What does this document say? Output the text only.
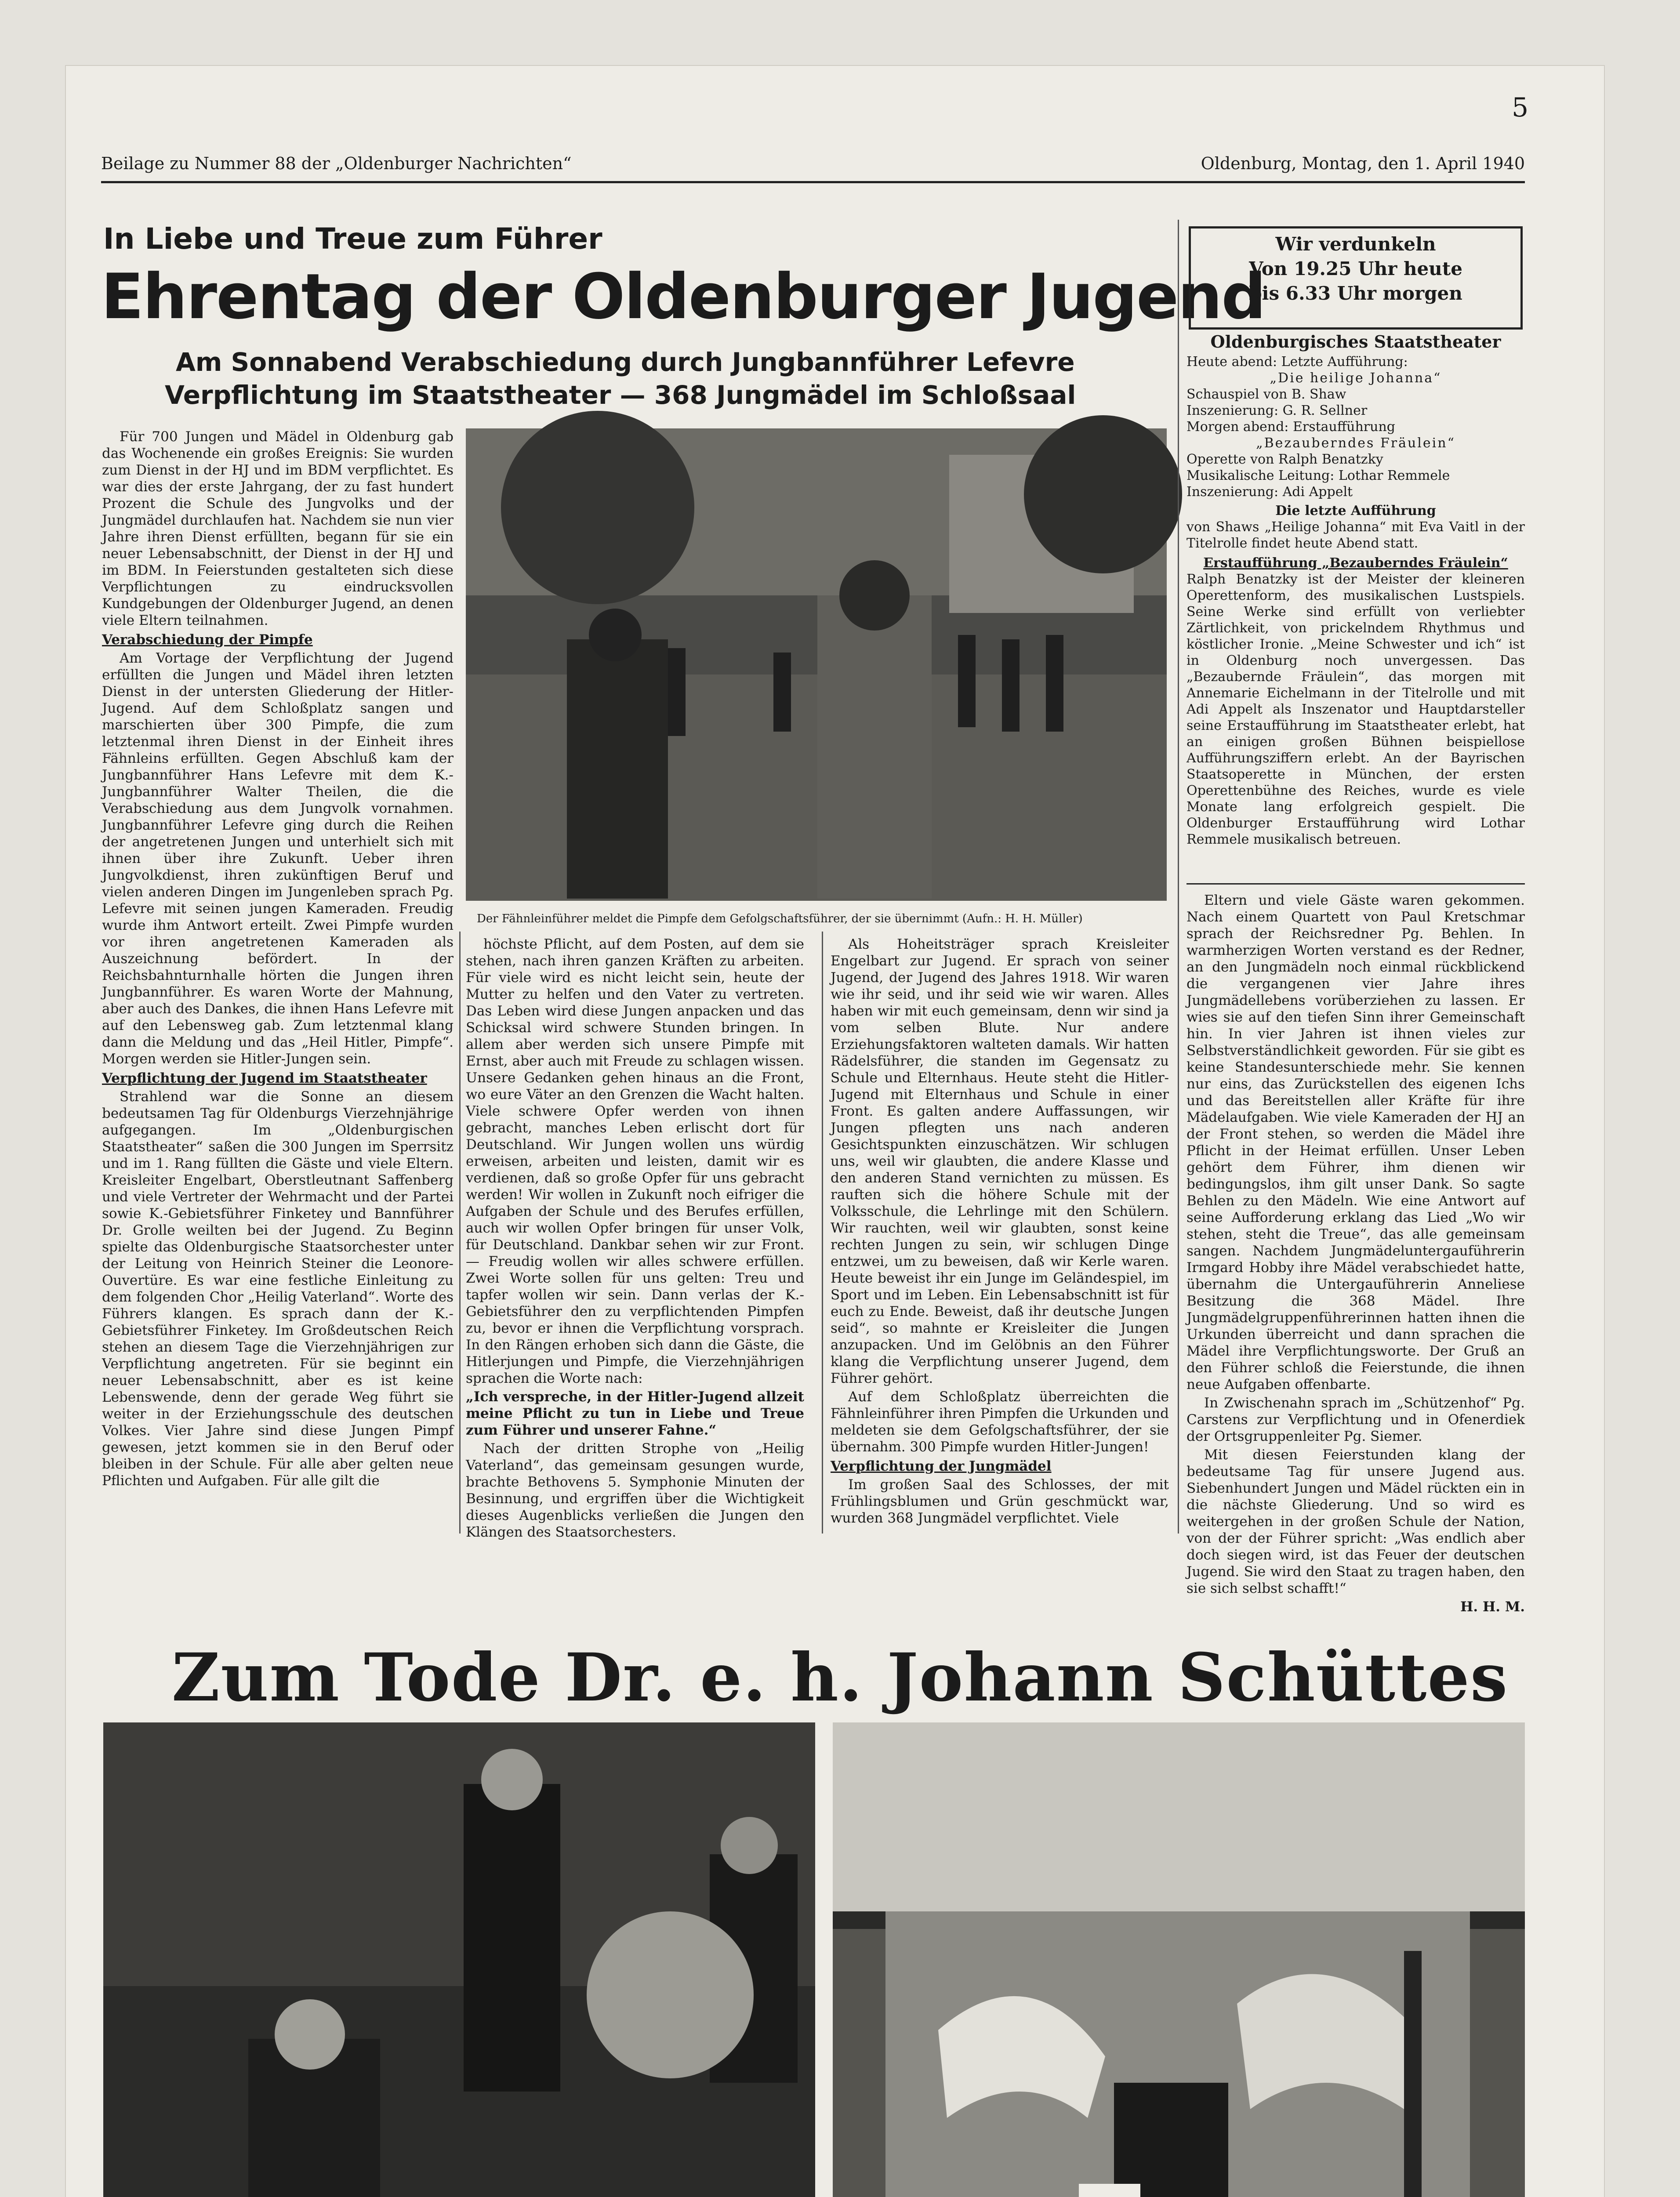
5
Beilage zu Nummer 88 der „Oldenburger Nachrichten“	Oldenburg, Montag, den 1. April 1940
In Liebe und Treue zum Führer
Ehrentag der Oldenburger Jugend
Am Sonnabend Verabschiedung durch Jungbannführer Lefevre
Verpflichtung im Staatstheater — 368 Jungmädel im Schloßsaal

Für 700 Jungen und Mädel in Oldenburg gab das Wochenende ein großes Ereignis: Sie wurden zum Dienst in der HJ und im BDM verpflichtet. Es war dies der erste Jahrgang, der zu fast hundert Prozent die Schule des Jungvolks und der Jungmädel durchlaufen hat. Nachdem sie nun vier Jahre ihren Dienst erfüllten, begann für sie ein neuer Lebensabschnitt, der Dienst in der HJ und im BDM. In Feierstunden gestalteten sich diese Verpflichtungen zu eindrucksvollen Kundgebungen der Oldenburger Jugend, an denen viele Eltern teilnahmen.

Verabschiedung der Pimpfe

Am Vortage der Verpflichtung der Jugend erfüllten die Jungen und Mädel ihren letzten Dienst in der untersten Gliederung der Hitler-Jugend. Auf dem Schloßplatz sangen und marschierten über 300 Pimpfe, die zum letztenmal ihren Dienst in der Einheit ihres Fähnleins erfüllten. Gegen Abschluß kam der Jungbannführer Hans Lefevre mit dem K.-Jungbannführer Walter Theilen, die die Verabschiedung aus dem Jungvolk vornahmen. Jungbannführer Lefevre ging durch die Reihen der angetretenen Jungen und unterhielt sich mit ihnen über ihre Zukunft. Ueber ihren Jungvolkdienst, ihren zukünftigen Beruf und vielen anderen Dingen im Jungenleben sprach Pg. Lefevre mit seinen jungen Kameraden. Freudig wurde ihm Antwort erteilt. Zwei Pimpfe wurden vor ihren angetretenen Kameraden als Auszeichnung befördert. In der Reichsbahnturnhalle hörten die Jungen ihren Jungbannführer. Es waren Worte der Mahnung, aber auch des Dankes, die ihnen Hans Lefevre mit auf den Lebensweg gab. Zum letztenmal klang dann die Meldung und das „Heil Hitler, Pimpfe“. Morgen werden sie Hitler-Jungen sein.

Verpflichtung der Jugend im Staatstheater

Strahlend war die Sonne an diesem bedeutsamen Tag für Oldenburgs Vierzehnjährige aufgegangen. Im „Oldenburgischen Staatstheater“ saßen die 300 Jungen im Sperrsitz und im 1. Rang füllten die Gäste und viele Eltern. Kreisleiter Engelbart, Oberstleutnant Saffenberg und viele Vertreter der Wehrmacht und der Partei sowie K.-Gebietsführer Finketey und Bannführer Dr. Grolle weilten bei der Jugend. Zu Beginn spielte das Oldenburgische Staatsorchester unter der Leitung von Heinrich Steiner die Leonore-Ouvertüre. Es war eine festliche Einleitung zu dem folgenden Chor „Heilig Vaterland“. Worte des Führers klangen. Es sprach dann der K.-Gebietsführer Finketey. Im Großdeutschen Reich stehen an diesem Tage die Vierzehnjährigen zur Verpflichtung angetreten. Für sie beginnt ein neuer Lebensabschnitt, aber es ist keine Lebenswende, denn der gerade Weg führt sie weiter in der Erziehungsschule des deutschen Volkes. Vier Jahre sind diese Jungen Pimpf gewesen, jetzt kommen sie in den Beruf oder bleiben in der Schule. Für alle aber gelten neue Pflichten und Aufgaben. Für alle gilt die

Der Fähnleinführer meldet die Pimpfe dem Gefolgschaftsführer, der sie übernimmt (Aufn.: H. H. Müller)

höchste Pflicht, auf dem Posten, auf dem sie stehen, nach ihren ganzen Kräften zu arbeiten. Für viele wird es nicht leicht sein, heute der Mutter zu helfen und den Vater zu vertreten. Das Leben wird diese Jungen anpacken und das Schicksal wird schwere Stunden bringen. In allem aber werden sich unsere Pimpfe mit Ernst, aber auch mit Freude zu schlagen wissen. Unsere Gedanken gehen hinaus an die Front, wo eure Väter an den Grenzen die Wacht halten. Viele schwere Opfer werden von ihnen gebracht, manches Leben erlischt dort für Deutschland. Wir Jungen wollen uns würdig erweisen, arbeiten und leisten, damit wir es verdienen, daß so große Opfer für uns gebracht werden! Wir wollen in Zukunft noch eifriger die Aufgaben der Schule und des Berufes erfüllen, auch wir wollen Opfer bringen für unser Volk, für Deutschland. Dankbar sehen wir zur Front. — Freudig wollen wir alles schwere erfüllen. Zwei Worte sollen für uns gelten: Treu und tapfer wollen wir sein. Dann verlas der K.-Gebietsführer den zu verpflichtenden Pimpfen zu, bevor er ihnen die Verpflichtung vorsprach. In den Rängen erhoben sich dann die Gäste, die Hitlerjungen und Pimpfe, die Vierzehnjährigen sprachen die Worte nach:

„Ich verspreche, in der Hitler-Jugend allzeit meine Pflicht zu tun in Liebe und Treue zum Führer und unserer Fahne.“

Nach der dritten Strophe von „Heilig Vaterland“, das gemeinsam gesungen wurde, brachte Bethovens 5. Symphonie Minuten der Besinnung, und ergriffen über die Wichtigkeit dieses Augenblicks verließen die Jungen den Klängen des Staatsorchesters.

Als Hoheitsträger sprach Kreisleiter Engelbart zur Jugend. Er sprach von seiner Jugend, der Jugend des Jahres 1918. Wir waren wie ihr seid, und ihr seid wie wir waren. Alles haben wir mit euch gemeinsam, denn wir sind ja vom selben Blute. Nur andere Erziehungsfaktoren walteten damals. Wir hatten Rädelsführer, die standen im Gegensatz zu Schule und Elternhaus. Heute steht die Hitler-Jugend mit Elternhaus und Schule in einer Front. Es galten andere Auffassungen, wir Jungen pflegten uns nach anderen Gesichtspunkten einzuschätzen. Wir schlugen uns, weil wir glaubten, die andere Klasse und den anderen Stand vernichten zu müssen. Es rauften sich die höhere Schule mit der Volksschule, die Lehrlinge mit den Schülern. Wir rauchten, weil wir glaubten, sonst keine rechten Jungen zu sein, wir schlugen Dinge entzwei, um zu beweisen, daß wir Kerle waren. Heute beweist ihr ein Junge im Geländespiel, im Sport und im Leben. Ein Lebensabschnitt ist für euch zu Ende. Beweist, daß ihr deutsche Jungen seid“, so mahnte er Kreisleiter die Jungen anzupacken. Und im Gelöbnis an den Führer klang die Verpflichtung unserer Jugend, dem Führer gehört.

Auf dem Schloßplatz überreichten die Fähnleinführer ihren Pimpfen die Urkunden und meldeten sie dem Gefolgschaftsführer, der sie übernahm. 300 Pimpfe wurden Hitler-Jungen!

Verpflichtung der Jungmädel

Im großen Saal des Schlosses, der mit Frühlingsblumen und Grün geschmückt war, wurden 368 Jungmädel verpflichtet. Viele

Eltern und viele Gäste waren gekommen. Nach einem Quartett von Paul Kretschmar sprach der Reichsredner Pg. Behlen. In warmherzigen Worten verstand es der Redner, an den Jungmädeln noch einmal rückblickend die vergangenen vier Jahre ihres Jungmädellebens vorüberziehen zu lassen. Er wies sie auf den tiefen Sinn ihrer Gemeinschaft hin. In vier Jahren ist ihnen vieles zur Selbstverständlichkeit geworden. Für sie gibt es keine Standesunterschiede mehr. Sie kennen nur eins, das Zurückstellen des eigenen Ichs und das Bereitstellen aller Kräfte für ihre Mädelaufgaben. Wie viele Kameraden der HJ an der Front stehen, so werden die Mädel ihre Pflicht in der Heimat erfüllen. Unser Leben gehört dem Führer, ihm dienen wir bedingungslos, ihm gilt unser Dank. So sagte Behlen zu den Mädeln. Wie eine Antwort auf seine Aufforderung erklang das Lied „Wo wir stehen, steht die Treue“, das alle gemeinsam sangen. Nachdem Jungmädeluntergauführerin Irmgard Hobby ihre Mädel verabschiedet hatte, übernahm die Untergauführerin Anneliese Besitzung die 368 Mädel. Ihre Jungmädelgruppenführerinnen hatten ihnen die Urkunden überreicht und dann sprachen die Mädel ihre Verpflichtungsworte. Der Gruß an den Führer schloß die Feierstunde, die ihnen neue Aufgaben offenbarte.

In Zwischenahn sprach im „Schützenhof“ Pg. Carstens zur Verpflichtung und in Ofenerdiek der Ortsgruppenleiter Pg. Siemer.

Mit diesen Feierstunden klang der bedeutsame Tag für unsere Jugend aus. Siebenhundert Jungen und Mädel rückten ein in die nächste Gliederung. Und so wird es weitergehen in der großen Schule der Nation, von der der Führer spricht: „Was endlich aber doch siegen wird, ist das Feuer der deutschen Jugend. Sie wird den Staat zu tragen haben, den sie sich selbst schafft!“

H. H. M.

Wir verdunkeln
Von 19.25 Uhr heute
bis 6.33 Uhr morgen
Oldenburgisches Staatstheater

Heute abend: Letzte Aufführung:

„Die heilige Johanna“

Schauspiel von B. Shaw

Inszenierung: G. R. Sellner

Morgen abend: Erstaufführung

„Bezauberndes Fräulein“

Operette von Ralph Benatzky

Musikalische Leitung: Lothar Remmele

Inszenierung: Adi Appelt

Die letzte Aufführung

von Shaws „Heilige Johanna“ mit Eva Vaitl in der Titelrolle findet heute Abend statt.

Erstaufführung „Bezauberndes Fräulein“

Ralph Benatzky ist der Meister der kleineren Operettenform, des musikalischen Lustspiels. Seine Werke sind erfüllt von verliebter Zärtlichkeit, von prickelndem Rhythmus und köstlicher Ironie. „Meine Schwester und ich“ ist in Oldenburg noch unvergessen. Das „Bezaubernde Fräulein“, das morgen mit Annemarie Eichelmann in der Titelrolle und mit Adi Appelt als Inszenator und Hauptdarsteller seine Erstaufführung im Staatstheater erlebt, hat an einigen großen Bühnen beispiellose Aufführungsziffern erlebt. An der Bayrischen Staatsoperette in München, der ersten Operettenbühne des Reiches, wurde es viele Monate lang erfolgreich gespielt. Die Oldenburger Erstaufführung wird Lothar Remmele musikalisch betreuen.

Zum Tode Dr. e. h. Johann Schüttes
